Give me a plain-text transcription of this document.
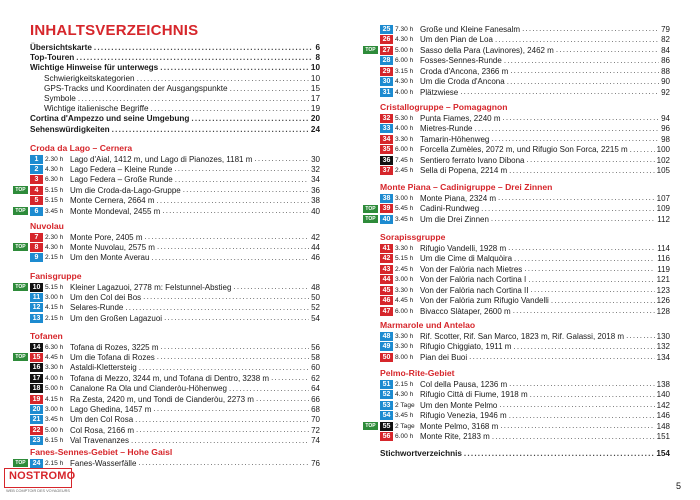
INHALTSVERZEICHNIS
Übersichtskarte .....	6
Top-Touren .....	8
Wichtige Hinweise für unterwegs .....	10
Schwierigkeitskategorien .....	10
GPS-Tracks und Koordinaten der Ausgangspunkte .....	15
Symbole .....	17
Wichtige italienische Begriffe .....	19
Cortina d'Ampezzo und seine Umgebung .....	20
Sehenswürdigkeiten .....	24
Croda da Lago – Cernera
1 2.30 h Lago d'Aial, 1412 m, und Lago di Pianozes, 1181 m .....	30
2 4.30 h Lago Federa – Kleine Runde .....	32
3 6.30 h Lago Federa – Große Runde .....	34
TOP	4 5.15 h Um die Croda-da-Lago-Gruppe .....	36
5 5.15 h Monte Cernera, 2664 m .....	38
TOP	6 3.45 h Monte Mondeval, 2455 m .....	40
Nuvolau
7 2.30 h Monte Pore, 2405 m .....	42
TOP	8 4.30 h Monte Nuvolau, 2575 m .....	44
9 2.15 h Um den Monte Averau .....	46
Fanisgruppe
TOP	10 5.15 h Kleiner Lagazuoi, 2778 m: Felstunnel-Abstieg .....	48
11 3.00 h Um den Col dei Bos .....	50
12 4.15 h Selares-Runde .....	52
13 2.15 h Um den Großen Lagazuoi .....	54
Tofanen
14 6.30 h Tofana di Rozes, 3225 m .....	56
TOP	15 4.45 h Um die Tofana di Rozes .....	58
16 3.30 h Astaldi-Klettersteig .....	60
17 4.00 h Tofana di Mezzo, 3244 m, und Tofana di Dentro, 3238 m .....	62
18 5.00 h Canalone Ra Ola und Cianderòu-Höhenweg .....	64
19 4.15 h Ra Zesta, 2420 m, und Tondi de Cianderòu, 2273 m .....	66
20 3.00 h Lago Ghedina, 1457 m .....	68
21 3.45 h Um den Col Rosa .....	70
22 5.00 h Col Rosa, 2166 m .....	72
23 6.15 h Val Travenanzes .....	74
Fanes-Sennes-Gebiet – Hohe Gaisl
TOP	24 2.15 h Fanes-Wasserfälle .....	76
25 7.30 h Große und Kleine Fanesalm .....	79
26 4.30 h Um den Pian de Loa .....	82
TOP	27 5.00 h Sasso della Para (Lavinores), 2462 m .....	84
28 6.00 h Fosses-Sennes-Runde .....	86
29 3.15 h Croda d'Ancona, 2366 m .....	88
30 4.30 h Um die Croda d'Ancona .....	90
31 4.00 h Plätzwiese .....	92
Cristallogruppe – Pomagagnon
32 5.30 h Punta Fiames, 2240 m .....	94
33 4.00 h Mietres-Runde .....	96
34 3.30 h Tamarin-Höhenweg .....	98
35 6.00 h Forcella Zumèles, 2072 m, und Rifugio Son Forca, 2215 m .....	100
36 7.45 h Sentiero ferrato Ivano Dibona .....	102
37 2.45 h Sella di Popena, 2214 m .....	105
Monte Piana – Cadinigruppe – Drei Zinnen
38 3.00 h Monte Piana, 2324 m .....	107
TOP	39 5.45 h Cadini-Rundweg .....	109
TOP	40 3.45 h Um die Drei Zinnen .....	112
Sorapissgruppe
41 3.30 h Rifugio Vandelli, 1928 m .....	114
42 5.15 h Um die Cime di Malquòira .....	116
43 2.45 h Von der Falòria nach Mietres .....	119
44 3.00 h Von der Falòria nach Cortina I .....	121
45 3.30 h Von der Falòria nach Cortina II .....	123
46 4.45 h Von der Falòria zum Rifugio Vandelli .....	126
47 6.00 h Bivacco Slàtaper, 2600 m .....	128
Marmarole und Antelao
48 3.30 h Rif. Scotter, Rif. San Marco, 1823 m, Rif. Galassi, 2018 m .....	130
49 3.30 h Rifugio Chiggiato, 1911 m .....	132
50 8.00 h Pian dei Buoi .....	134
Pelmo-Rite-Gebiet
51 2.15 h Col della Pausa, 1236 m .....	138
52 4.30 h Rifugio Città di Fiume, 1918 m .....	140
53 2 Tage Um den Monte Pelmo .....	142
54 3.45 h Rifugio Venezia, 1946 m .....	146
TOP	55 2 Tage Monte Pelmo, 3168 m .....	148
56 6.00 h Monte Rite, 2183 m .....	151
Stichwortverzeichnis .....	154
NOSTROMO
WEB COMPTOIR DES VOYAGEURS	5
